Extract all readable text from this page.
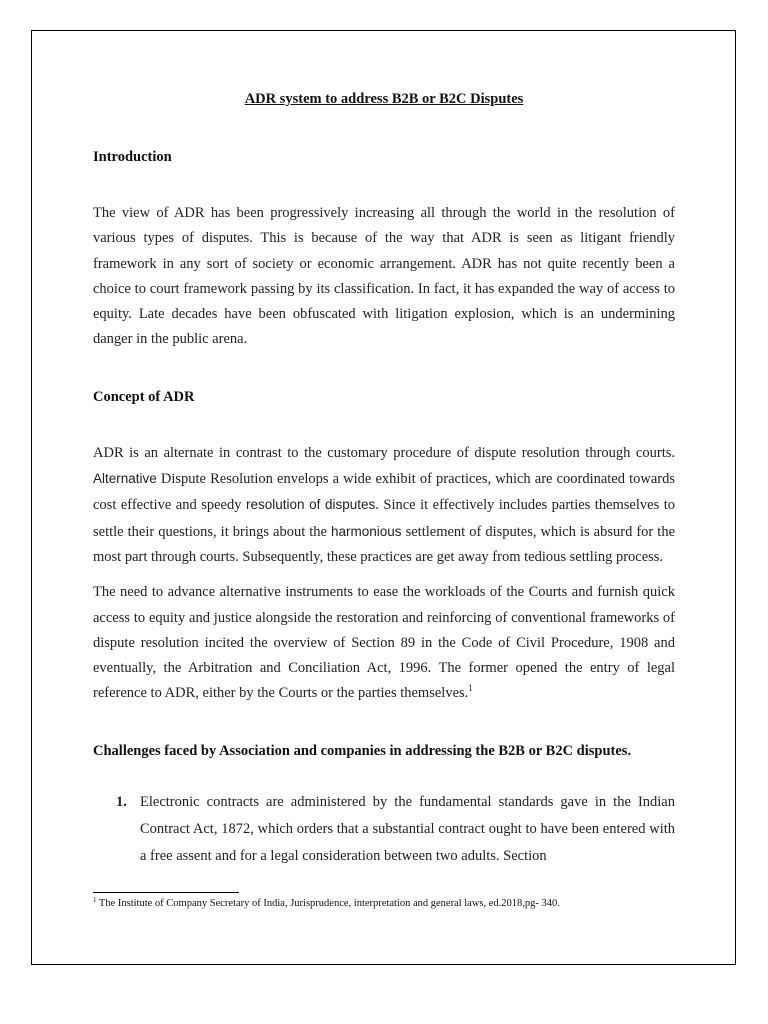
ADR system to address B2B or B2C Disputes
Introduction

The view of ADR has been progressively increasing all through the world in the resolution of various types of disputes. This is because of the way that ADR is seen as litigant friendly framework in any sort of society or economic arrangement. ADR has not quite recently been a choice to court framework passing by its classification. In fact, it has expanded the way of access to equity. Late decades have been obfuscated with litigation explosion, which is an undermining danger in the public arena.

Concept of ADR

ADR is an alternate in contrast to the customary procedure of dispute resolution through courts. Alternative Dispute Resolution envelops a wide exhibit of practices, which are coordinated towards cost effective and speedy resolution of disputes. Since it effectively includes parties themselves to settle their questions, it brings about the harmonious settlement of disputes, which is absurd for the most part through courts. Subsequently, these practices are get away from tedious settling process.

The need to advance alternative instruments to ease the workloads of the Courts and furnish quick access to equity and justice alongside the restoration and reinforcing of conventional frameworks of dispute resolution incited the overview of Section 89 in the Code of Civil Procedure, 1908 and eventually, the Arbitration and Conciliation Act, 1996. The former opened the entry of legal reference to ADR, either by the Courts or the parties themselves.$^1$

Challenges faced by Association and companies in addressing the B2B or B2C disputes.
1. Electronic contracts are administered by the fundamental standards gave in the Indian Contract Act, 1872, which orders that a substantial contract ought to have been entered with a free assent and for a legal consideration between two adults. Section
$^1$ The Institute of Company Secretary of India, Jurisprudence, interpretation and general laws, ed.2018,pg- 340.
